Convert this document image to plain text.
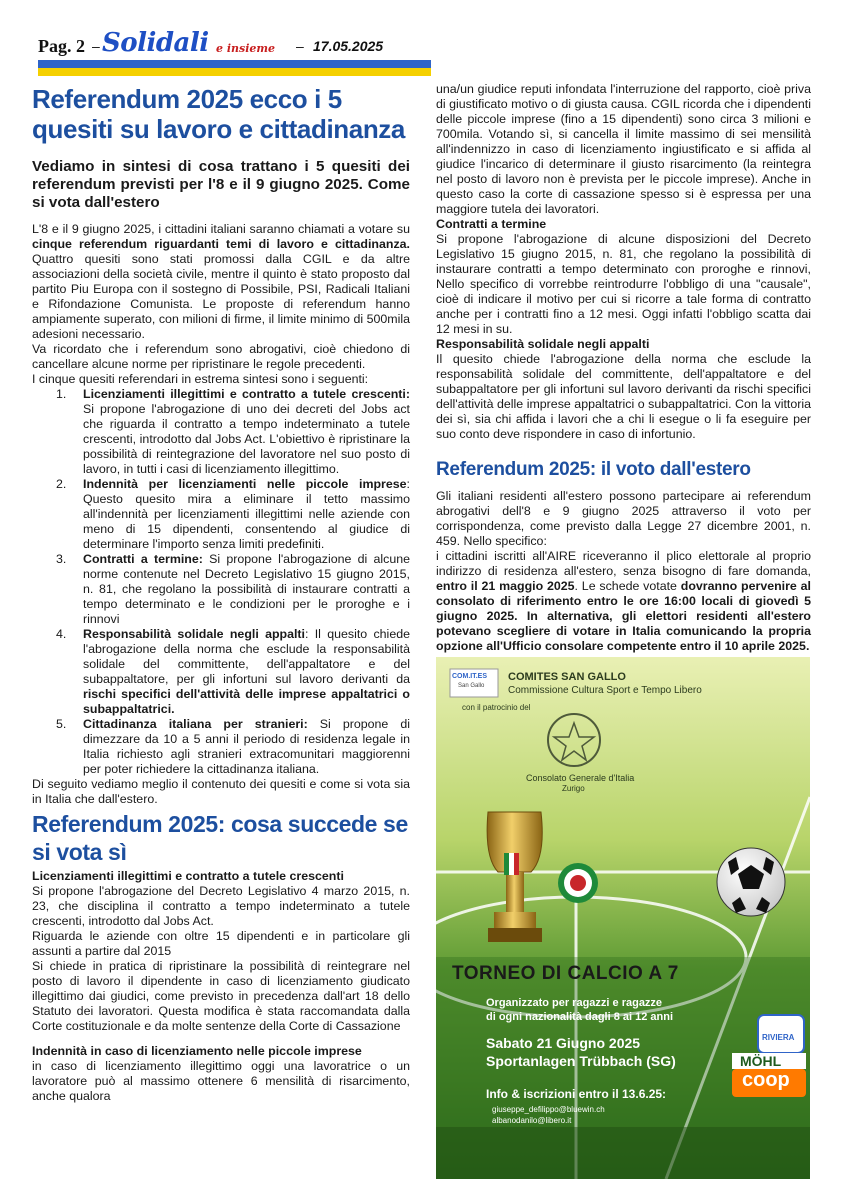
Pag. 2 – Solidali e insieme – 17.05.2025
Referendum 2025 ecco i 5 quesiti su lavoro e cittadinanza

Vediamo in sintesi di cosa trattano i 5 quesiti dei referendum previsti per l'8 e il 9 giugno 2025. Come si vota dall'estero

L'8 e il 9 giugno 2025, i cittadini italiani saranno chiamati a votare su cinque referendum riguardanti temi di lavoro e cittadinanza. Quattro quesiti sono stati promossi dalla CGIL e da altre associazioni della società civile, mentre il quinto è stato proposto dal partito Piu Europa con il sostegno di Possibile, PSI, Radicali Italiani e Rifondazione Comunista. Le proposte di referendum hanno ampiamente superato, con milioni di firme, il limite minimo di 500mila adesioni necessario.

Va ricordato che i referendum sono abrogativi, cioè chiedono di cancellare alcune norme per ripristinare le regole precedenti.

I cinque quesiti referendari in estrema sintesi sono i seguenti:

1. Licenziamenti illegittimi e contratto a tutele crescenti: Si propone l'abrogazione di uno dei decreti del Jobs act che riguarda il contratto a tempo indeterminato a tutele crescenti, introdotto dal Jobs Act. L'obiettivo è ripristinare la possibilità di reintegrazione del lavoratore nel suo posto di lavoro, in tutti i casi di licenziamento illegittimo.
2. Indennità per licenziamenti nelle piccole imprese: Questo quesito mira a eliminare il tetto massimo all'indennità per licenziamenti illegittimi nelle aziende con meno di 15 dipendenti, consentendo al giudice di determinare l'importo senza limiti predefiniti.
3. Contratti a termine: Si propone l'abrogazione di alcune norme contenute nel Decreto Legislativo 15 giugno 2015, n. 81, che regolano la possibilità di instaurare contratti a tempo determinato e le condizioni per le proroghe e i rinnovi
4. Responsabilità solidale negli appalti: Il quesito chiede l'abrogazione della norma che esclude la responsabilità solidale del committente, dell'appaltatore e del subappaltatore, per gli infortuni sul lavoro derivanti da rischi specifici dell'attività delle imprese appaltatrici o subappaltatrici.
5. Cittadinanza italiana per stranieri: Si propone di dimezzare da 10 a 5 anni il periodo di residenza legale in Italia richiesto agli stranieri extracomunitari maggiorenni per poter richiedere la cittadinanza italiana.

Di seguito vediamo meglio il contenuto dei quesiti e come si vota sia in Italia che dall'estero.

Referendum 2025: cosa succede se si vota sì

Licenziamenti illegittimi e contratto a tutele crescenti

Si propone l'abrogazione del Decreto Legislativo 4 marzo 2015, n. 23, che disciplina il contratto a tempo indeterminato a tutele crescenti, introdotto dal Jobs Act.

Riguarda le aziende con oltre 15 dipendenti e in particolare gli assunti a partire dal 2015

Si chiede in pratica di ripristinare la possibilità di reintegrare nel posto di lavoro il dipendente in caso di licenziamento giudicato illegittimo dai giudici, come previsto in precedenza dall'art 18 dello Statuto dei lavoratori. Questa modifica è stata raccomandata dalla Corte costituzionale e da molte sentenze della Corte di Cassazione

Indennità in caso di licenziamento nelle piccole imprese

in caso di licenziamento illegittimo oggi una lavoratrice o un lavoratore può al massimo ottenere 6 mensilità di risarcimento, anche qualora

una/un giudice reputi infondata l'interruzione del rapporto, cioè priva di giustificato motivo o di giusta causa. CGIL ricorda che i dipendenti delle piccole imprese (fino a 15 dipendenti) sono circa 3 milioni e 700mila. Votando sì, si cancella il limite massimo di sei mensilità all'indennizzo in caso di licenziamento ingiustificato e si affida al giudice l'incarico di determinare il giusto risarcimento (la reintegra nel posto di lavoro non è prevista per le piccole imprese). Anche in questo caso la corte di cassazione spesso si è espressa per una maggiore tutela dei lavoratori.

Contratti a termine

Si propone l'abrogazione di alcune disposizioni del Decreto Legislativo 15 giugno 2015, n. 81, che regolano la possibilità di instaurare contratti a tempo determinato con proroghe e rinnovi, Nello specifico di vorrebbe reintrodurre l'obbligo di una "causale", cioè di indicare il motivo per cui si ricorre a tale forma di contratto anche per i contratti fino a 12 mesi. Oggi infatti l'obbligo scatta dai 12 mesi in su.

Responsabilità solidale negli appalti

Il quesito chiede l'abrogazione della norma che esclude la responsabilità solidale del committente, dell'appaltatore e del subappaltatore per gli infortuni sul lavoro derivanti da rischi specifici dell'attività delle imprese appaltatrici o subappaltatrici. Con la vittoria dei sì, sia chi affida i lavori che a chi li esegue o li fa eseguire per suo conto deve rispondere in caso di infortunio.

Referendum 2025: il voto dall'estero

Gli italiani residenti all'estero possono partecipare ai referendum abrogativi dell'8 e 9 giugno 2025 attraverso il voto per corrispondenza, come previsto dalla Legge 27 dicembre 2001, n. 459. Nello specifico:

i cittadini iscritti all'AIRE riceveranno il plico elettorale al proprio indirizzo di residenza all'estero, senza bisogno di fare domanda, entro il 21 maggio 2025. Le schede votate dovranno pervenire al consolato di riferimento entro le ore 16:00 locali di giovedì 5 giugno 2025. In alternativa, gli elettori residenti all'estero potevano scegliere di votare in Italia comunicando la propria opzione all'Ufficio consolare competente entro il 10 aprile 2025.

COM.IT.ES
San Gallo
COMITES SAN GALLO
Commissione Cultura Sport e Tempo Libero
con il patrocinio del
Consolato Generale d'Italia
Zurigo
TORNEO DI CALCIO A 7
Organizzato per ragazzi e ragazze
di ogni nazionalità dagli 8 ai 12 anni
Sabato 21 Giugno 2025
Sportanlagen Trübbach (SG)
Info & iscrizioni entro il 13.6.25:
giuseppe_defilippo@bluewin.ch
albanodanilo@libero.it
RIVIERA
MÖHL
coop
